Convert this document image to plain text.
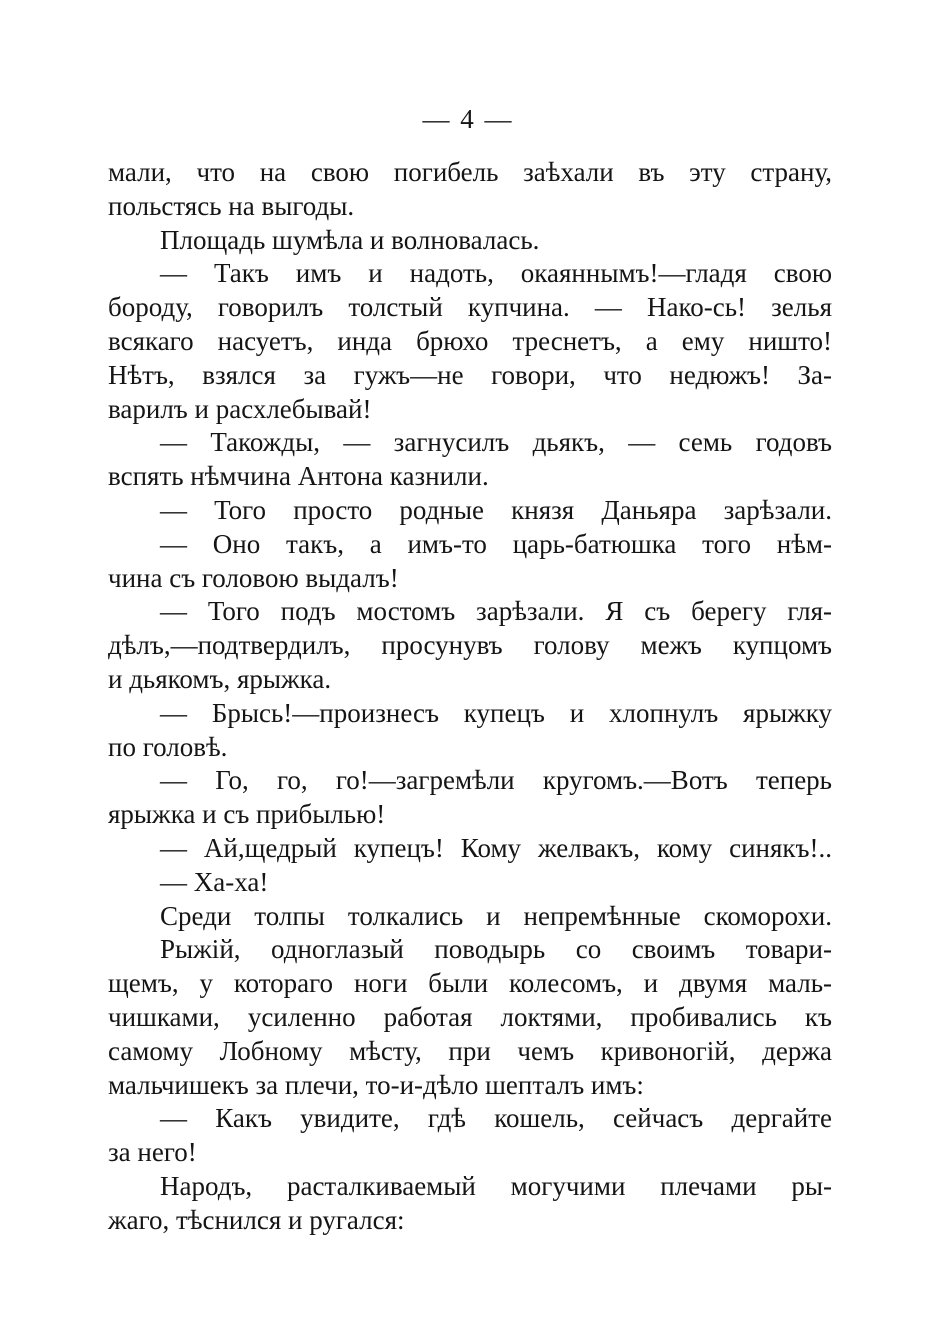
— 4 —
мали, что на свою погибель заѣхали въ эту страну,
польстясь на выгоды.
Площадь шумѣла и волновалась.
— Такъ имъ и надоть, окаяннымъ!—гладя свою
бороду, говорилъ толстый купчина. — Нако-сь! зелья
всякаго насуетъ, инда брюхо треснетъ, а ему ништо!
Нѣтъ, взялся за гужъ—не говори, что недюжъ! За-
варилъ и расхлебывай!
— Такожды, — загнусилъ дьякъ, — семь годовъ
вспять нѣмчина Антона казнили.
— Того просто родные князя Даньяра зарѣзали.
— Оно такъ, а имъ-то царь-батюшка того нѣм-
чина съ головою выдалъ!
— Того подъ мостомъ зарѣзали. Я съ берегу гля-
дѣлъ,—подтвердилъ, просунувъ голову межъ купцомъ
и дьякомъ, ярыжка.
— Брысь!—произнесъ купецъ и хлопнулъ ярыжку
по головѣ.
— Го, го, го!—загремѣли кругомъ.—Вотъ теперь
ярыжка и съ прибылью!
— Ай,щедрый купецъ! Кому желвакъ, кому синякъ!..
— Ха-ха!
Среди толпы толкались и непремѣнные скоморохи.
Рыжій, одноглазый поводырь со своимъ товари-
щемъ, у котораго ноги были колесомъ, и двумя маль-
чишками, усиленно работая локтями, пробивались къ
самому Лобному мѣсту, при чемъ кривоногій, держа
мальчишекъ за плечи, то-и-дѣло шепталъ имъ:
— Какъ увидите, гдѣ кошель, сейчасъ дергайте
за него!
Народъ, расталкиваемый могучими плечами ры-
жаго, тѣснился и ругался:
